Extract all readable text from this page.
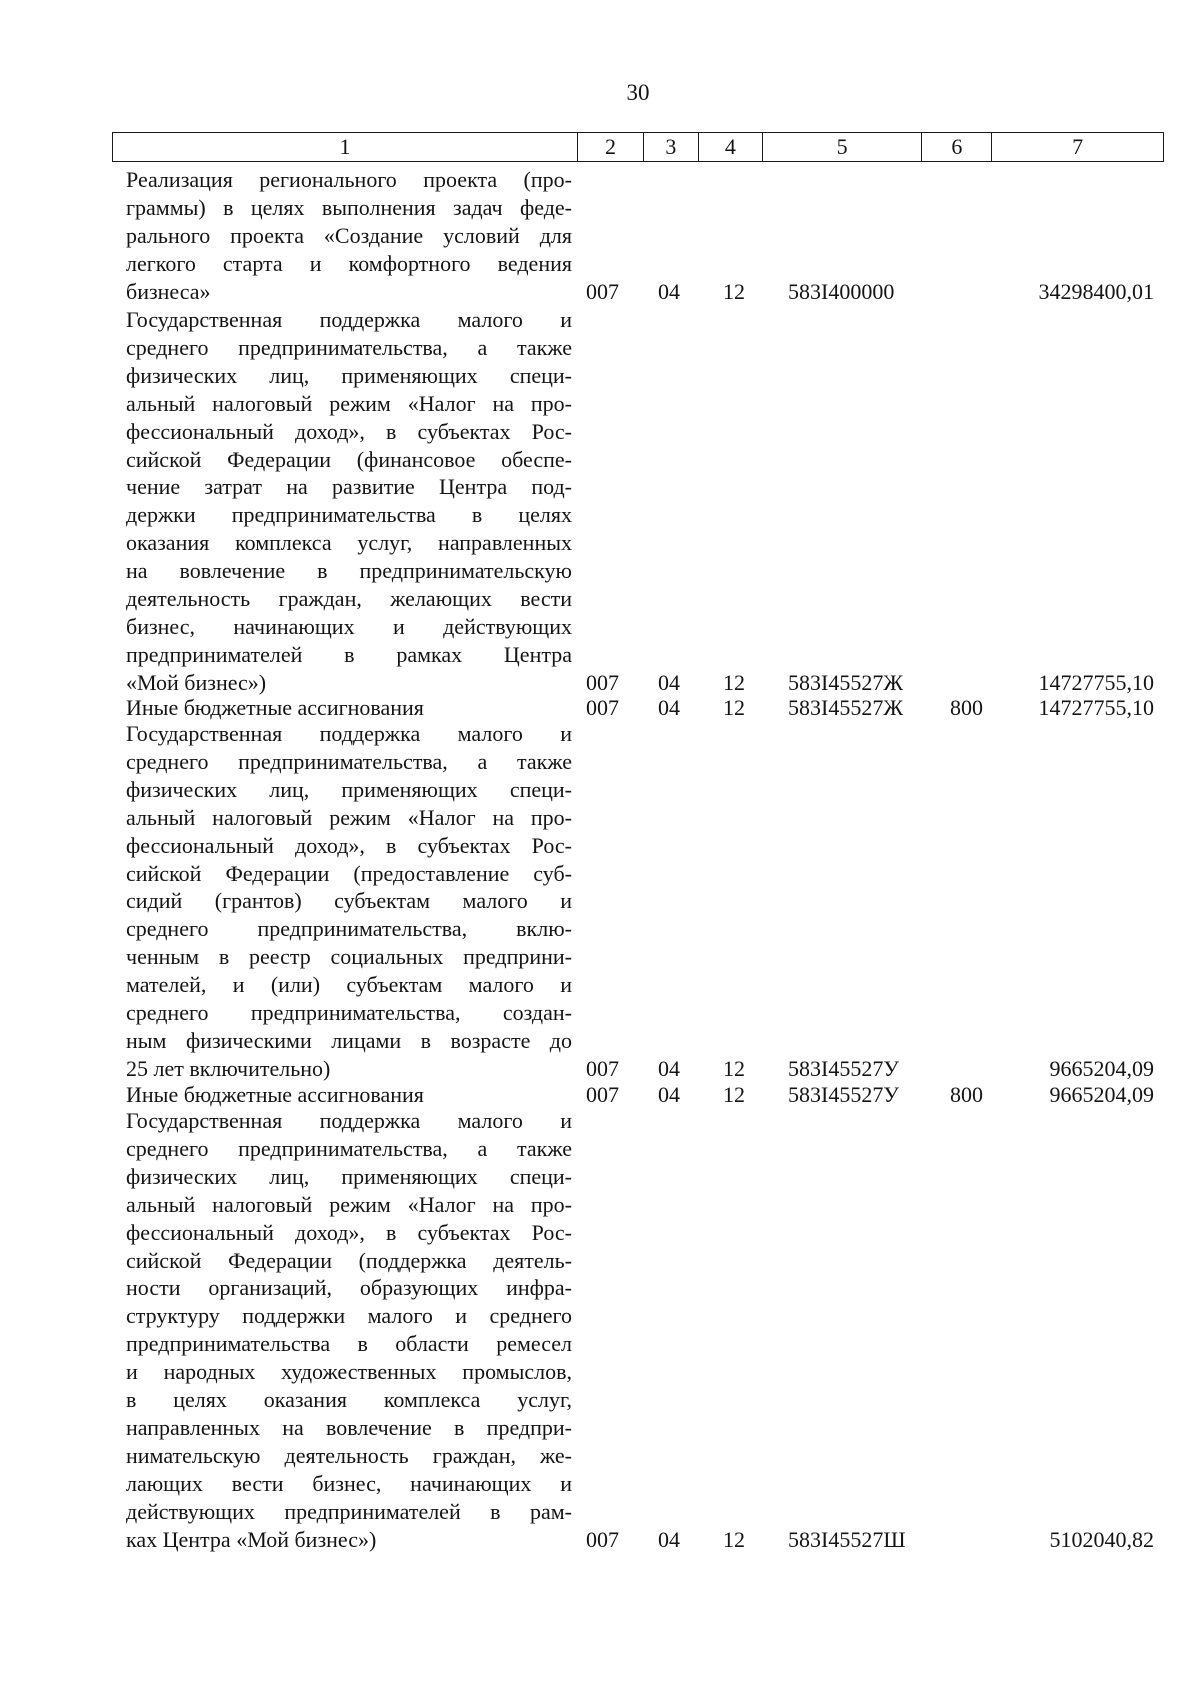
30
1	2	3	4	5	6	7
Реализация регионального проекта (про-
граммы) в целях выполнения задач феде-
рального проекта «Создание условий для
легкого старта и комфортного ведения
бизнеса»	007 04 12 583I400000	34298400,01
Государственная поддержка малого и
среднего предпринимательства, а также
физических лиц, применяющих специ-
альный налоговый режим «Налог на про-
фессиональный доход», в субъектах Рос-
сийской Федерации (финансовое обеспе-
чение затрат на развитие Центра под-
держки предпринимательства в целях
оказания комплекса услуг, направленных
на вовлечение в предпринимательскую
деятельность граждан, желающих вести
бизнес, начинающих и действующих
предпринимателей в рамках Центра
«Мой бизнес»)	007 04 12 583I45527Ж	14727755,10
Иные бюджетные ассигнования	007 04 12 583I45527Ж 800	14727755,10
Государственная поддержка малого и
среднего предпринимательства, а также
физических лиц, применяющих специ-
альный налоговый режим «Налог на про-
фессиональный доход», в субъектах Рос-
сийской Федерации (предоставление суб-
сидий (грантов) субъектам малого и
среднего предпринимательства, вклю-
ченным в реестр социальных предприни-
мателей, и (или) субъектам малого и
среднего предпринимательства, создан-
ным физическими лицами в возрасте до
25 лет включительно)	007 04 12 583I45527У	9665204,09
Иные бюджетные ассигнования	007 04 12 583I45527У 800	9665204,09
Государственная поддержка малого и
среднего предпринимательства, а также
физических лиц, применяющих специ-
альный налоговый режим «Налог на про-
фессиональный доход», в субъектах Рос-
сийской Федерации (поддержка деятель-
ности организаций, образующих инфра-
структуру поддержки малого и среднего
предпринимательства в области ремесел
и народных художественных промыслов,
в целях оказания комплекса услуг,
направленных на вовлечение в предпри-
нимательскую деятельность граждан, же-
лающих вести бизнес, начинающих и
действующих предпринимателей в рам-
ках Центра «Мой бизнес»)	007 04 12 583I45527Ш	5102040,82
